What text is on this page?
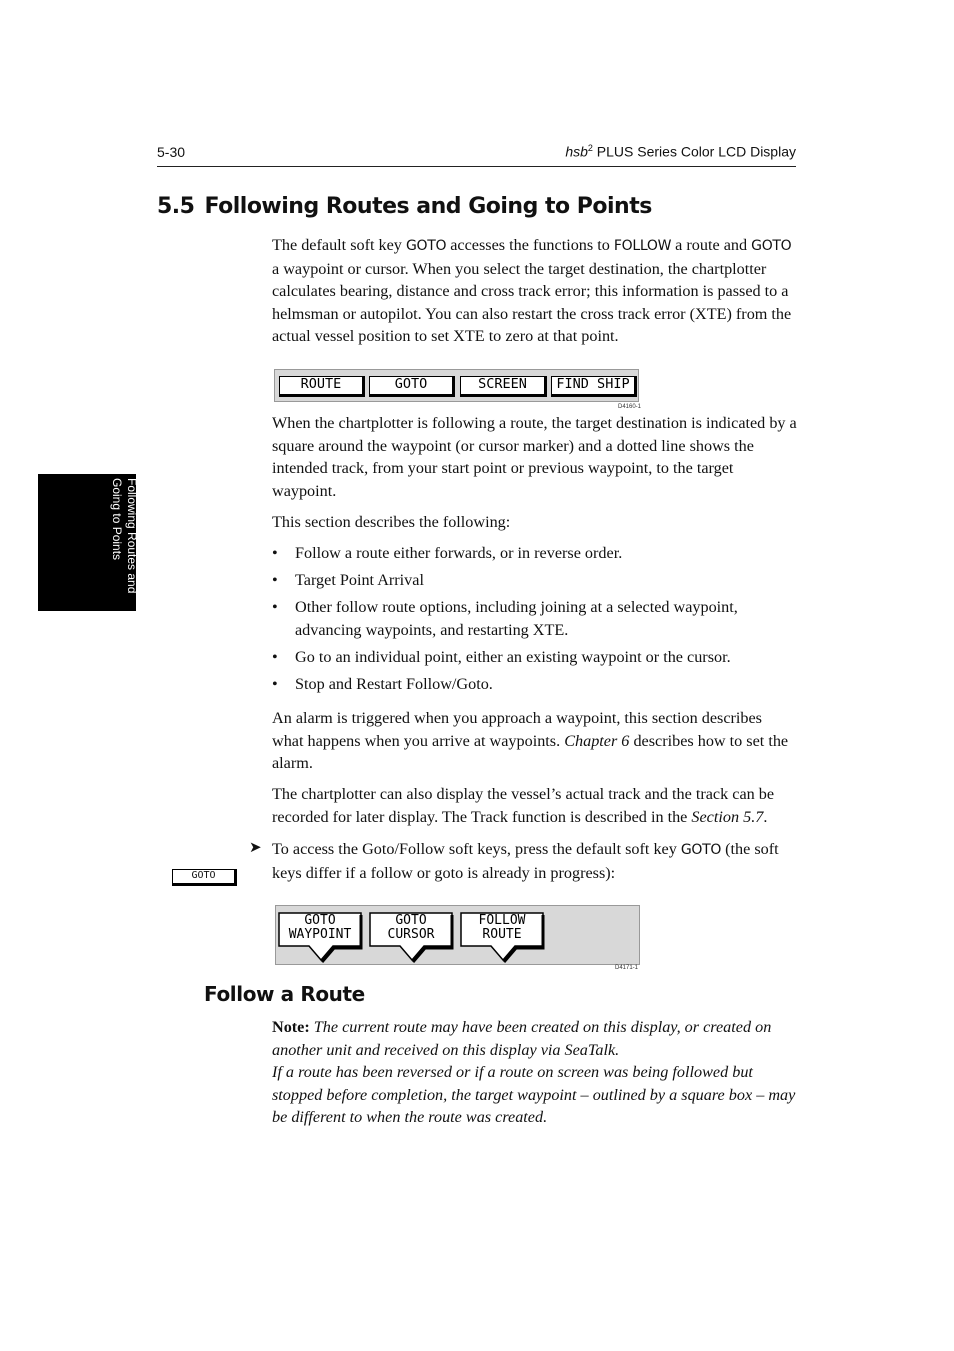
5-30	hsb$^2$ PLUS Series Color LCD Display
5.5 Following Routes and Going to Points
Following Routes and
Going to Points

The default soft key GOTO accesses the functions to FOLLOW a route and GOTO a waypoint or cursor. When you select the target destination, the chartplotter calculates bearing, distance and cross track error; this information is passed to a helmsman or autopilot. You can also restart the cross track error (XTE) from the actual vessel position to set XTE to zero at that point.

ROUTE	GOTO	SCREEN	FIND SHIP
D4160-1

When the chartplotter is following a route, the target destination is indicated by a square around the waypoint (or cursor marker) and a dotted line shows the intended track, from your start point or previous waypoint, to the target waypoint.

This section describes the following:

• Follow a route either forwards, or in reverse order.
• Target Point Arrival
• Other follow route options, including joining at a selected waypoint, advancing waypoints, and restarting XTE.
• Go to an individual point, either an existing waypoint or the cursor.
• Stop and Restart Follow/Goto.

An alarm is triggered when you approach a waypoint, this section describes what happens when you arrive at waypoints. Chapter 6 describes how to set the alarm.

The chartplotter can also display the vessel’s actual track and the track can be recorded for later display. The Track function is described in the Section 5.7.

➤ To access the Goto/Follow soft keys, press the default soft key GOTO (the soft keys differ if a follow or goto is already in progress):

GOTO
GOTO
WAYPOINT
GOTO
CURSOR
FOLLOW
ROUTE
D4171-1
Follow a Route

Note: The current route may have been created on this display, or created on another unit and received on this display via SeaTalk.

If a route has been reversed or if a route on screen was being followed but stopped before completion, the target waypoint – outlined by a square box – may be different to when the route was created.
